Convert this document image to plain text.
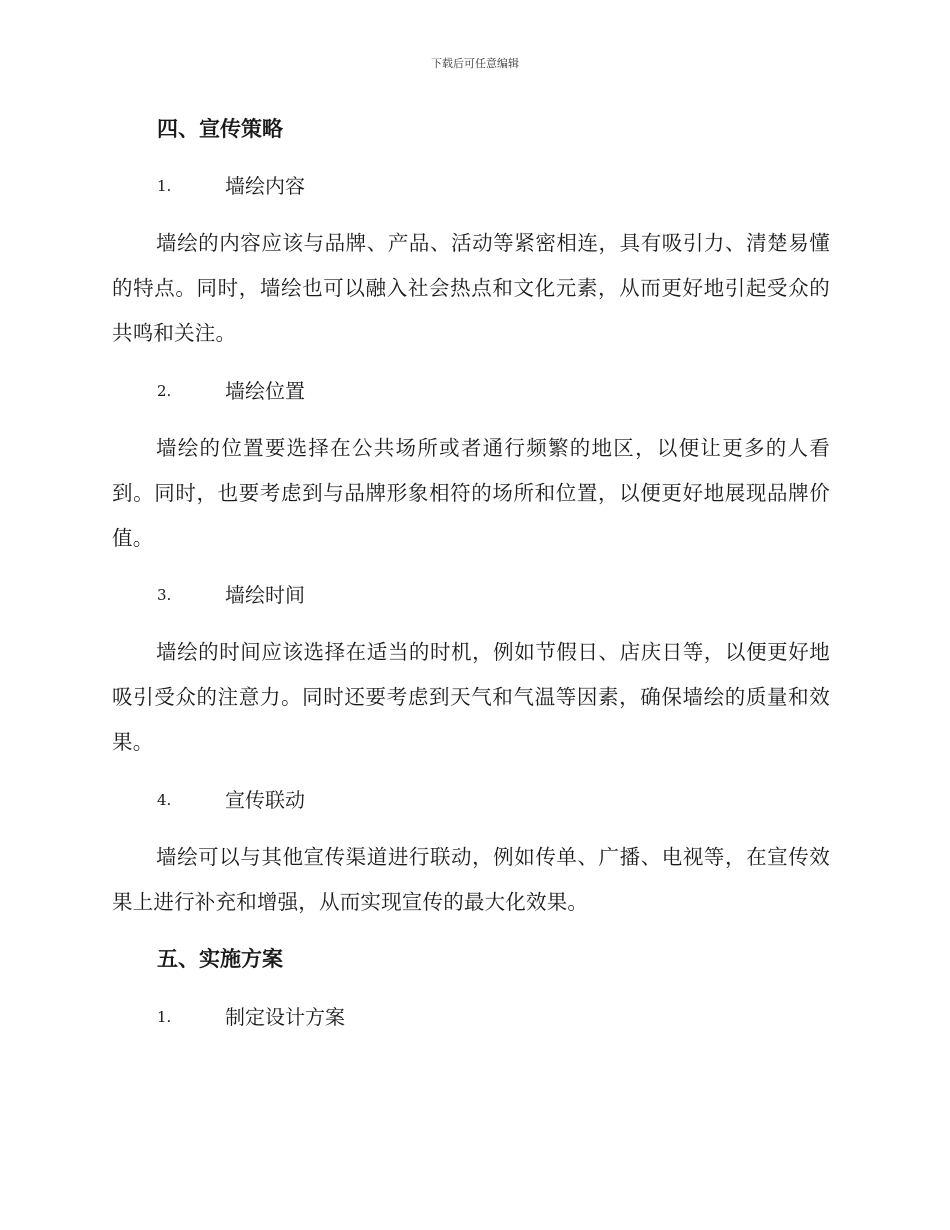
下载后可任意编辑
四、宣传策略
1.	墙绘内容

墙绘的内容应该与品牌、产品、活动等紧密相连，具有吸引力、清楚易懂的特点。同时，墙绘也可以融入社会热点和文化元素，从而更好地引起受众的共鸣和关注。

2.	墙绘位置

墙绘的位置要选择在公共场所或者通行频繁的地区，以便让更多的人看到。同时，也要考虑到与品牌形象相符的场所和位置，以便更好地展现品牌价值。

3.	墙绘时间

墙绘的时间应该选择在适当的时机，例如节假日、店庆日等，以便更好地吸引受众的注意力。同时还要考虑到天气和气温等因素，确保墙绘的质量和效果。

4.	宣传联动

墙绘可以与其他宣传渠道进行联动，例如传单、广播、电视等，在宣传效果上进行补充和增强，从而实现宣传的最大化效果。

五、实施方案
1.	制定设计方案
